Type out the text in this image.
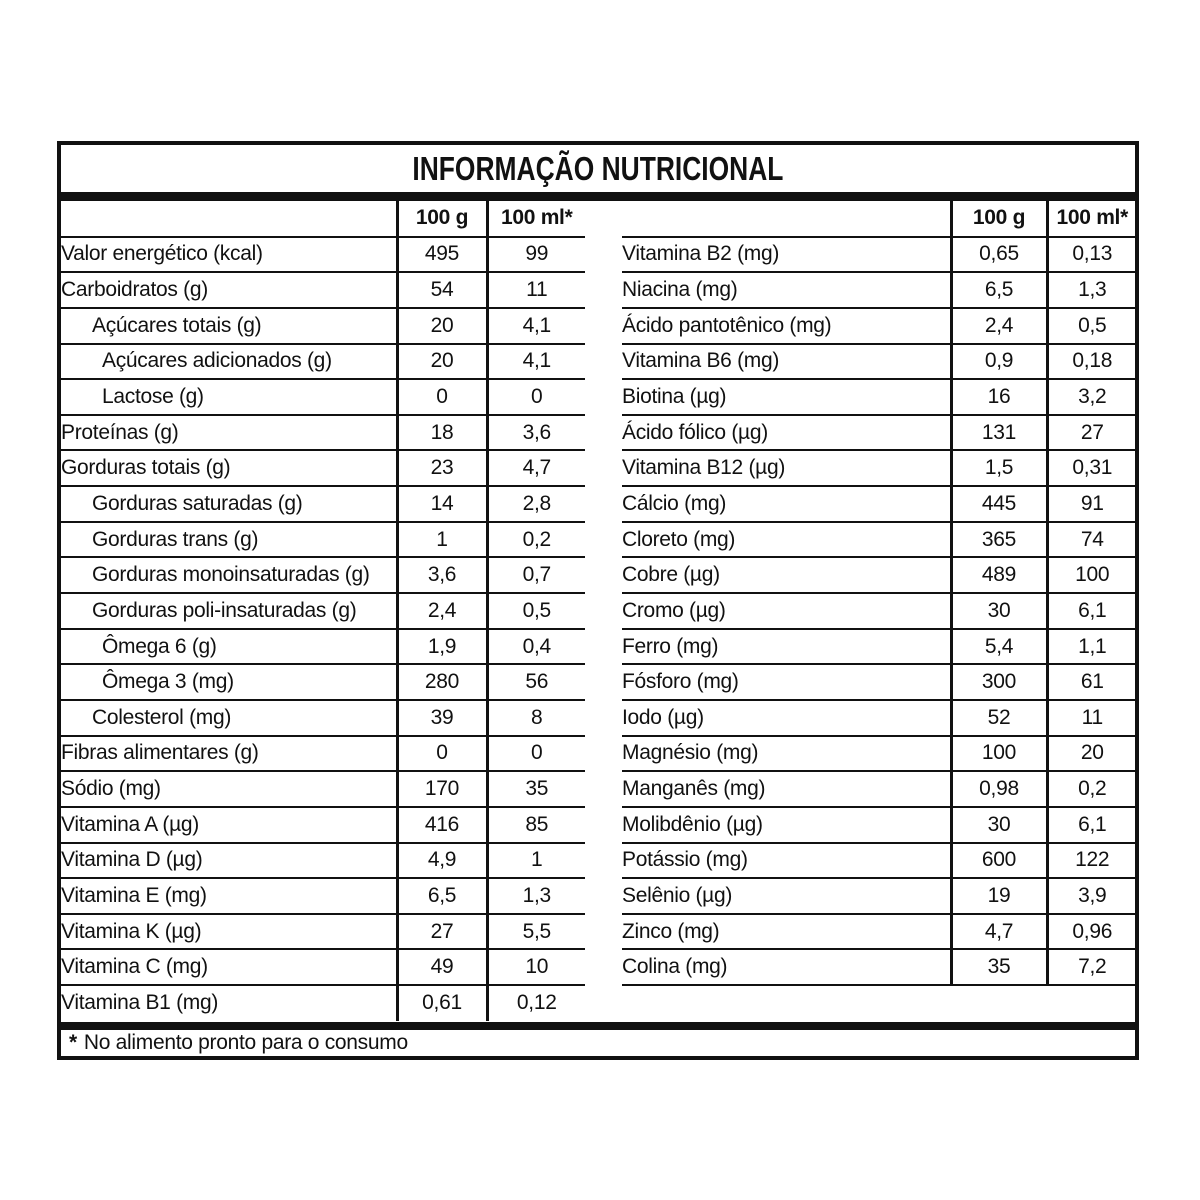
INFORMAÇÃO NUTRICIONAL
	100 g	100 ml*
Valor energético (kcal)	495	99
Carboidratos (g)	54	11
Açúcares totais (g)	20	4,1
Açúcares adicionados (g)	20	4,1
Lactose (g)	0	0
Proteínas (g)	18	3,6
Gorduras totais (g)	23	4,7
Gorduras saturadas (g)	14	2,8
Gorduras trans (g)	1	0,2
Gorduras monoinsaturadas (g)	3,6	0,7
Gorduras poli-insaturadas (g)	2,4	0,5
Ômega 6 (g)	1,9	0,4
Ômega 3 (mg)	280	56
Colesterol (mg)	39	8
Fibras alimentares (g)	0	0
Sódio (mg)	170	35
Vitamina A (µg)	416	85
Vitamina D (µg)	4,9	1
Vitamina E (mg)	6,5	1,3
Vitamina K (µg)	27	5,5
Vitamina C (mg)	49	10
Vitamina B1 (mg)	0,61	0,12
	100 g	100 ml*
Vitamina B2 (mg)	0,65	0,13
Niacina (mg)	6,5	1,3
Ácido pantotênico (mg)	2,4	0,5
Vitamina B6 (mg)	0,9	0,18
Biotina (µg)	16	3,2
Ácido fólico (µg)	131	27
Vitamina B12 (µg)	1,5	0,31
Cálcio (mg)	445	91
Cloreto (mg)	365	74
Cobre (µg)	489	100
Cromo (µg)	30	6,1
Ferro (mg)	5,4	1,1
Fósforo (mg)	300	61
Iodo (µg)	52	11
Magnésio (mg)	100	20
Manganês (mg)	0,98	0,2
Molibdênio (µg)	30	6,1
Potássio (mg)	600	122
Selênio (µg)	19	3,9
Zinco (mg)	4,7	0,96
Colina (mg)	35	7,2
* No alimento pronto para o consumo
